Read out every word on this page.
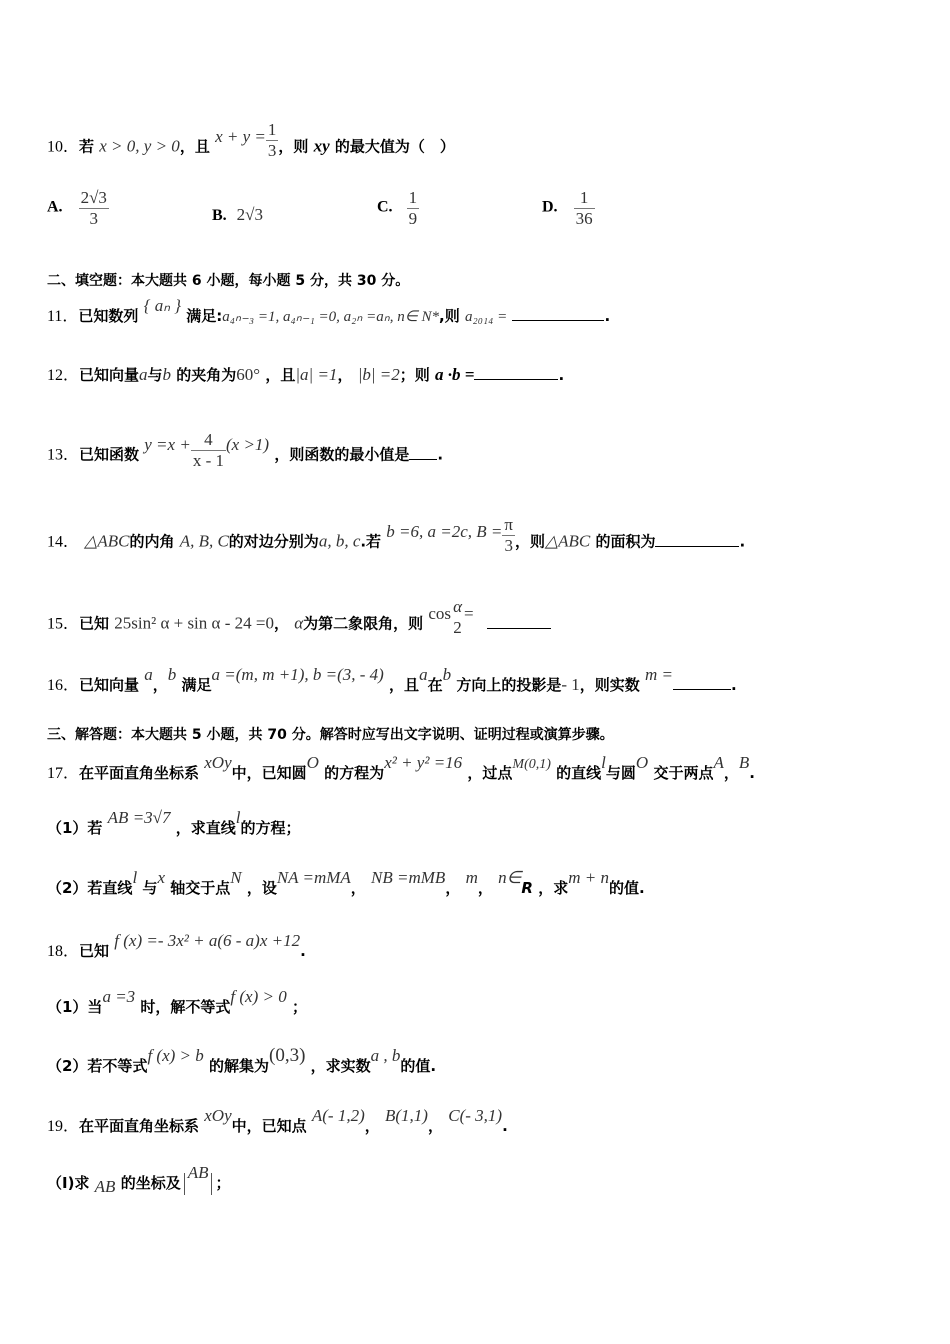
10．若 x > 0, y > 0，且 $x + y = \frac{1}{3}$ ，则 xy 的最大值为（　）
A. $\frac{2√3}{3}$	B. 2√3	C. $\frac{1}{9}$	D. $\frac{1}{36}$
二、填空题：本大题共 6 小题，每小题 5 分，共 30 分。
11．已知数列 { aₙ } 满足:a₄ₙ₋₃ =1, a₄ₙ₋₁ =0, a₂ₙ =aₙ, n∈ N*,则 a₂₀₁₄ =	.
12．已知向量a与b 的夹角为60° ，且|a| =1， |b| =2；则 a ·b =	.
13．已知函数 $y =x + \frac{4}{x - 1} (x >1)$ ，则函数的最小值是 .
14． △ABC的内角 A, B, C的对边分别为a, b, c.若 b =6, a =2c, $B = \frac{\pi}{3}$ ，则△ABC 的面积为	.
15．已知 25sin² α + sin α - 24 =0， α为第二象限角，则 $\cos \frac{\alpha}{2}$ =
16．已知向量 a，b 满足a =(m, m +1), b =(3, - 4) ，且a在b 方向上的投影是- 1，则实数 m =.
三、解答题：本大题共 5 小题，共 70 分。解答时应写出文字说明、证明过程或演算步骤。
17．在平面直角坐标系 xOy中，已知圆O 的方程为x² + y² =16 ，过点M(0,1) 的直线l与圆O 交于两点A，B.
（1）若 AB =3√7 ，求直线l的方程；
（2）若直线l 与x 轴交于点N ，设NA =mMA， NB =mMB， m， n∈R ，求m + n的值.
18．已知 f (x) =- 3x² + a(6 - a)x +12.
（1）当a =3 时，解不等式f (x) > 0 ；
（2）若不等式f (x) > b 的解集为(0,3) ，求实数a , b的值.
19．在平面直角坐标系 xOy中，已知点 A(- 1,2)， B(1,1)， C(- 3,1).
（Ⅰ)求 AB 的坐标及AB；
